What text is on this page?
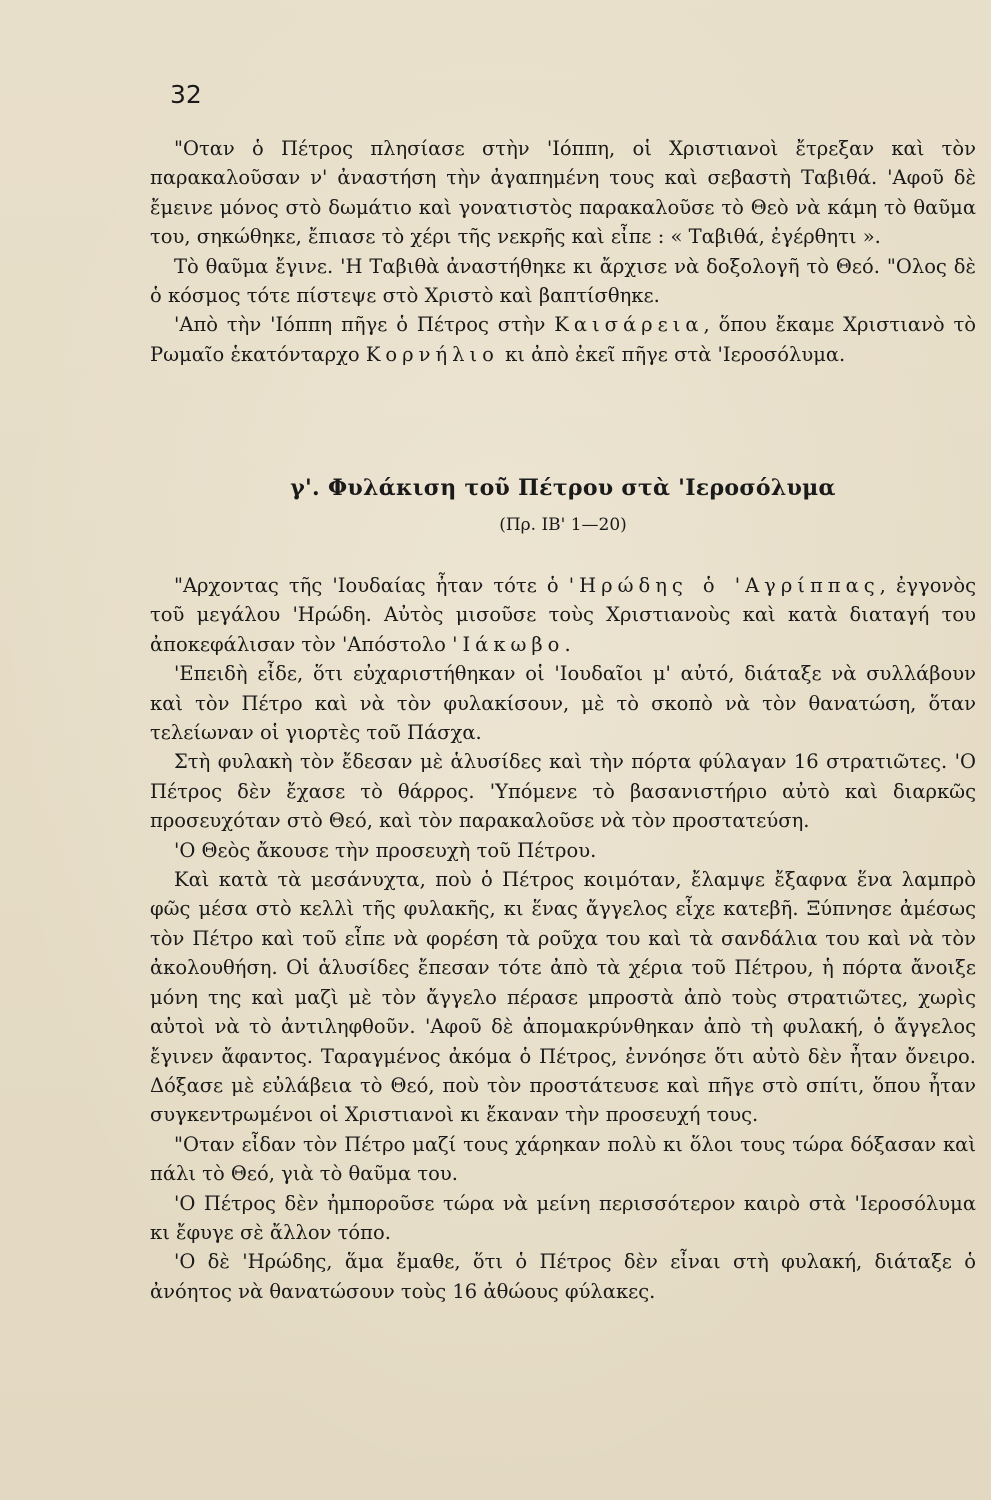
32

"Οταν ὁ Πέτρος πλησίασε στὴν 'Ιόππη, οἱ Χριστιανοὶ ἔτρεξαν καὶ τὸν παρακαλοῦσαν ν' ἀναστήση τὴν ἀγαπημένη τους καὶ σεβαστὴ Ταβιθά. 'Αφοῦ δὲ ἔμεινε μόνος στὸ δωμάτιο καὶ γονατιστὸς παρακαλοῦσε τὸ Θεὸ νὰ κάμη τὸ θαῦμα του, σηκώθηκε, ἔπιασε τὸ χέρι τῆς νεκρῆς καὶ εἶπε : « Ταβιθά, ἐγέρθητι ».

Τὸ θαῦμα ἔγινε. 'Η Ταβιθὰ ἀναστήθηκε κι ἄρχισε νὰ δοξολογῆ τὸ Θεό. "Ολος δὲ ὁ κόσμος τότε πίστεψε στὸ Χριστὸ καὶ βαπτίσθηκε.

'Απὸ τὴν 'Ιόππη πῆγε ὁ Πέτρος στὴν Καισάρεια, ὅπου ἔκαμε Χριστιανὸ τὸ Ρωμαῖο ἑκατόνταρχο Κορνήλιο κι ἀπὸ ἐκεῖ πῆγε στὰ 'Ιεροσόλυμα.

γ'. Φυλάκιση τοῦ Πέτρου στὰ 'Ιεροσόλυμα
(Πρ. ΙΒ' 1—20)

"Αρχοντας τῆς 'Ιουδαίας ἦταν τότε ὁ 'Ηρώδης ὁ 'Αγρίππας, ἐγγονὸς τοῦ μεγάλου 'Ηρώδη. Αὐτὸς μισοῦσε τοὺς Χριστιανοὺς καὶ κατὰ διαταγή του ἀποκεφάλισαν τὸν 'Απόστολο 'Ιάκωβο.

'Επειδὴ εἶδε, ὅτι εὐχαριστήθηκαν οἱ 'Ιουδαῖοι μ' αὐτό, διάταξε νὰ συλλάβουν καὶ τὸν Πέτρο καὶ νὰ τὸν φυλακίσουν, μὲ τὸ σκοπὸ νὰ τὸν θανατώση, ὅταν τελείωναν οἱ γιορτὲς τοῦ Πάσχα.

Στὴ φυλακὴ τὸν ἔδεσαν μὲ ἁλυσίδες καὶ τὴν πόρτα φύλαγαν 16 στρατιῶτες. 'Ο Πέτρος δὲν ἔχασε τὸ θάρρος. 'Υπόμενε τὸ βασανιστήριο αὐτὸ καὶ διαρκῶς προσευχόταν στὸ Θεό, καὶ τὸν παρακαλοῦσε νὰ τὸν προστατεύση.

'Ο Θεὸς ἄκουσε τὴν προσευχὴ τοῦ Πέτρου.

Καὶ κατὰ τὰ μεσάνυχτα, ποὺ ὁ Πέτρος κοιμόταν, ἔλαμψε ἔξαφνα ἕνα λαμπρὸ φῶς μέσα στὸ κελλὶ τῆς φυλακῆς, κι ἕνας ἄγγελος εἶχε κατεβῆ. Ξύπνησε ἀμέσως τὸν Πέτρο καὶ τοῦ εἶπε νὰ φορέση τὰ ροῦχα του καὶ τὰ σανδάλια του καὶ νὰ τὸν ἀκολουθήση. Οἱ ἁλυσίδες ἔπεσαν τότε ἀπὸ τὰ χέρια τοῦ Πέτρου, ἡ πόρτα ἄνοιξε μόνη της καὶ μαζὶ μὲ τὸν ἄγγελο πέρασε μπροστὰ ἀπὸ τοὺς στρατιῶτες, χωρὶς αὐτοὶ νὰ τὸ ἀντιληφθοῦν. 'Αφοῦ δὲ ἀπομακρύνθηκαν ἀπὸ τὴ φυλακή, ὁ ἄγγελος ἔγινεν ἄφαντος. Ταραγμένος ἀκόμα ὁ Πέτρος, ἐννόησε ὅτι αὐτὸ δὲν ἦταν ὄνειρο. Δόξασε μὲ εὐλάβεια τὸ Θεό, ποὺ τὸν προστάτευσε καὶ πῆγε στὸ σπίτι, ὅπου ἦταν συγκεντρωμένοι οἱ Χριστιανοὶ κι ἔκαναν τὴν προσευχή τους.

"Οταν εἶδαν τὸν Πέτρο μαζί τους χάρηκαν πολὺ κι ὅλοι τους τώρα δόξασαν καὶ πάλι τὸ Θεό, γιὰ τὸ θαῦμα του.

'Ο Πέτρος δὲν ἠμποροῦσε τώρα νὰ μείνη περισσότερον καιρὸ στὰ 'Ιεροσόλυμα κι ἔφυγε σὲ ἄλλον τόπο.

'Ο δὲ 'Ηρώδης, ἅμα ἔμαθε, ὅτι ὁ Πέτρος δὲν εἶναι στὴ φυλακή, διάταξε ὁ ἀνόητος νὰ θανατώσουν τοὺς 16 ἀθώους φύλακες.
